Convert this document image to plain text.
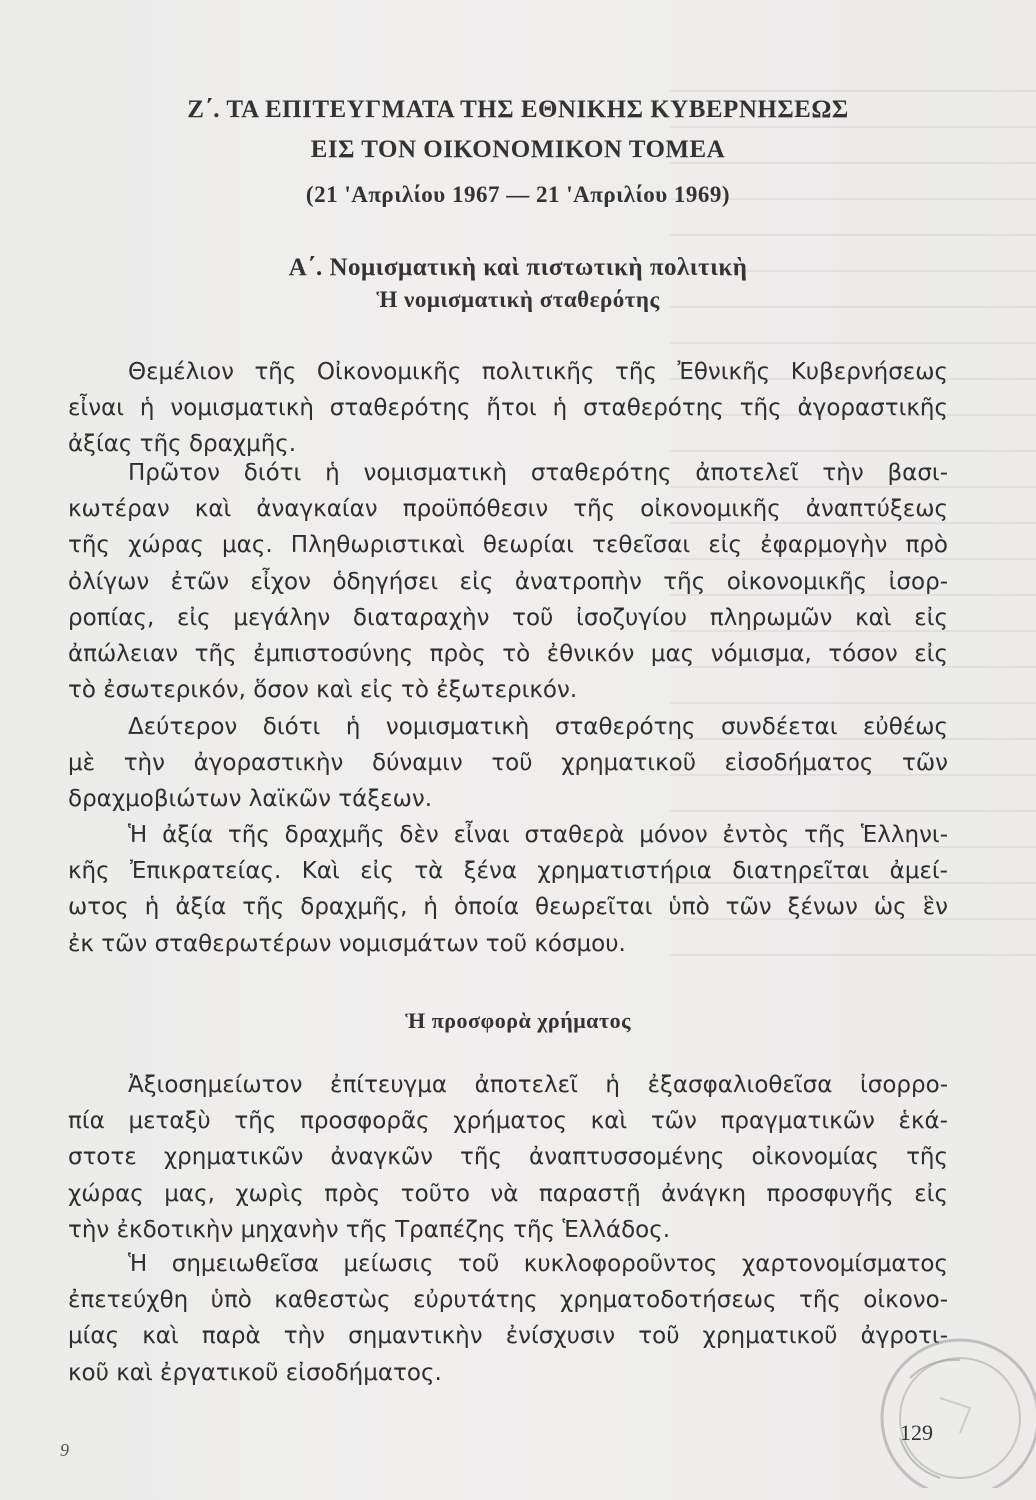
Ζ΄. ΤΑ ΕΠΙΤΕΥΓΜΑΤΑ ΤΗΣ ΕΘΝΙΚΗΣ ΚΥΒΕΡΝΗΣΕΩΣ
ΕΙΣ ΤΟΝ ΟΙΚΟΝΟΜΙΚΟΝ ΤΟΜΕΑ
(21 'Απριλίου 1967 — 21 'Απριλίου 1969)
Α΄. Νομισματικὴ καὶ πιστωτικὴ πολιτικὴ
Ἡ νομισματικὴ σταθερότης
Θεμέλιον τῆς Οἰκονομικῆς πολιτικῆς τῆς Ἐθνικῆς Κυβερνήσεως
εἶναι ἡ νομισματικὴ σταθερότης ἤτοι ἡ σταθερότης τῆς ἀγοραστικῆς
ἀξίας τῆς δραχμῆς.
Πρῶτον διότι ἡ νομισματικὴ σταθερότης ἀποτελεῖ τὴν βασι-
κωτέραν καὶ ἀναγκαίαν προϋπόθεσιν τῆς οἰκονομικῆς ἀναπτύξεως
τῆς χώρας μας. Πληθωριστικαὶ θεωρίαι τεθεῖσαι εἰς ἐφαρμογὴν πρὸ
ὀλίγων ἐτῶν εἶχον ὁδηγήσει εἰς ἀνατροπὴν τῆς οἰκονομικῆς ἰσορ-
ροπίας, εἰς μεγάλην διαταραχὴν τοῦ ἰσοζυγίου πληρωμῶν καὶ εἰς
ἀπώλειαν τῆς ἐμπιστοσύνης πρὸς τὸ ἐθνικόν μας νόμισμα, τόσον εἰς
τὸ ἐσωτερικόν, ὅσον καὶ εἰς τὸ ἐξωτερικόν.
Δεύτερον διότι ἡ νομισματικὴ σταθερότης συνδέεται εὐθέως
μὲ τὴν ἀγοραστικὴν δύναμιν τοῦ χρηματικοῦ εἰσοδήματος τῶν
δραχμοβιώτων λαϊκῶν τάξεων.
Ἡ ἀξία τῆς δραχμῆς δὲν εἶναι σταθερὰ μόνον ἐντὸς τῆς Ἑλληνι-
κῆς Ἐπικρατείας. Καὶ εἰς τὰ ξένα χρηματιστήρια διατηρεῖται ἀμεί-
ωτος ἡ ἀξία τῆς δραχμῆς, ἡ ὁποία θεωρεῖται ὑπὸ τῶν ξένων ὡς ἓν
ἐκ τῶν σταθερωτέρων νομισμάτων τοῦ κόσμου.
Ἡ προσφορὰ χρήματος
Ἀξιοσημείωτον ἐπίτευγμα ἀποτελεῖ ἡ ἐξασφαλιοθεῖσα ἰσορρο-
πία μεταξὺ τῆς προσφορᾶς χρήματος καὶ τῶν πραγματικῶν ἑκά-
στοτε χρηματικῶν ἀναγκῶν τῆς ἀναπτυσσομένης οἰκονομίας τῆς
χώρας μας, χωρὶς πρὸς τοῦτο νὰ παραστῇ ἀνάγκη προσφυγῆς εἰς
τὴν ἐκδοτικὴν μηχανὴν τῆς Τραπέζης τῆς Ἑλλάδος.
Ἡ σημειωθεῖσα μείωσις τοῦ κυκλοφοροῦντος χαρτονομίσματος
ἐπετεύχθη ὑπὸ καθεστὼς εὐρυτάτης χρηματοδοτήσεως τῆς οἰκονο-
μίας καὶ παρὰ τὴν σημαντικὴν ἐνίσχυσιν τοῦ χρηματικοῦ ἀγροτι-
κοῦ καὶ ἐργατικοῦ εἰσοδήματος.
129
9
